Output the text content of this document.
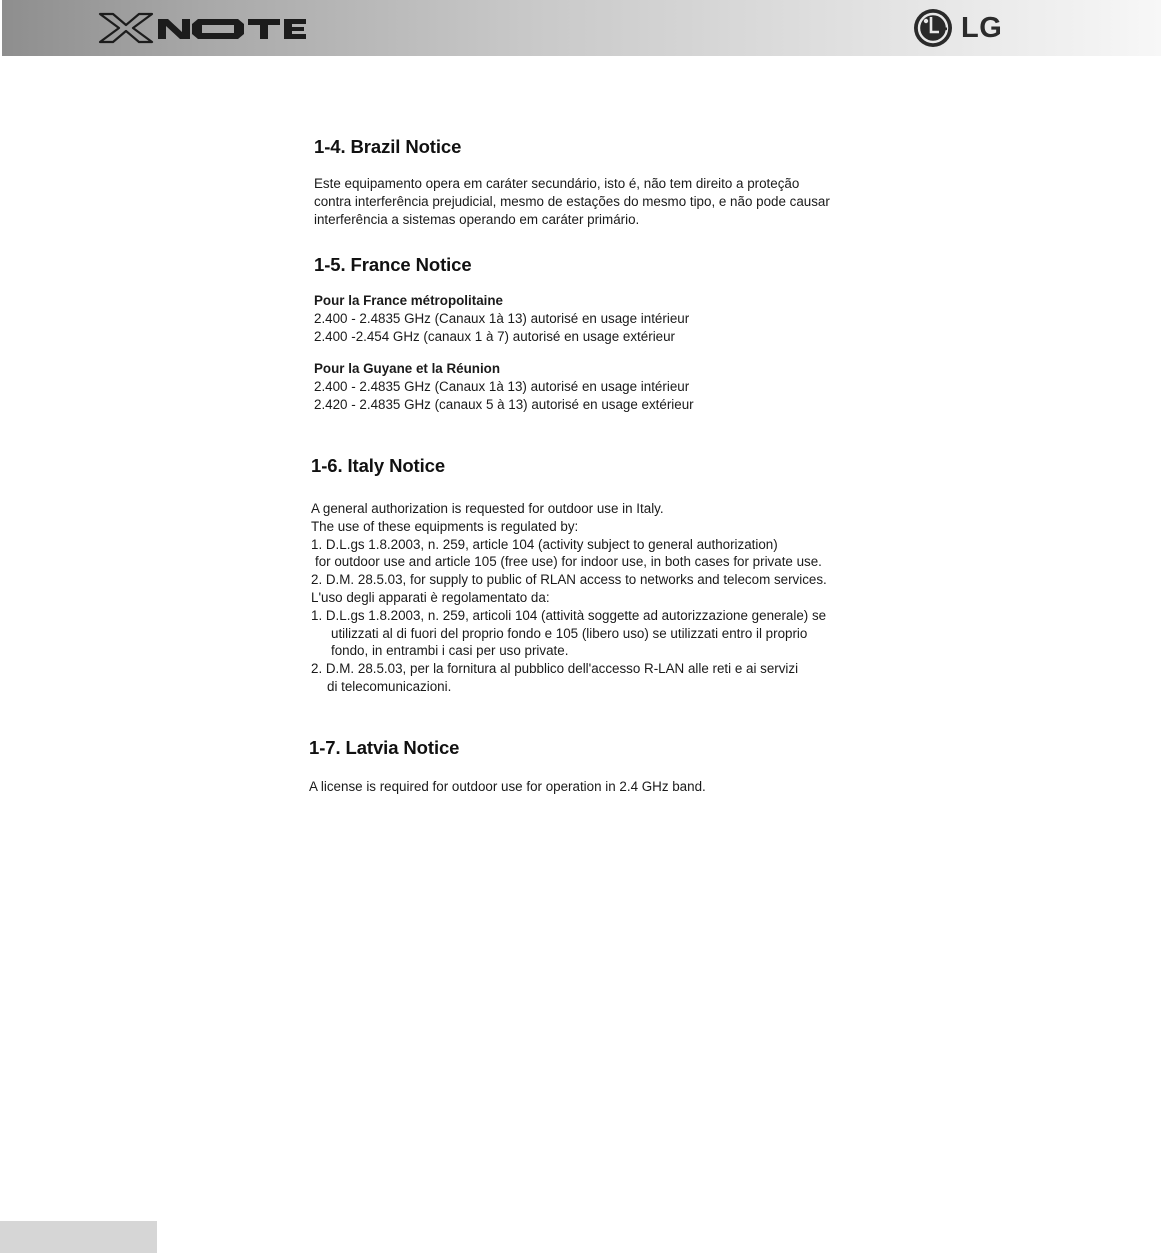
LG
1-4. Brazil Notice
Este equipamento opera em caráter secundário, isto é, não tem direito a proteção
contra interferência prejudicial, mesmo de estações do mesmo tipo, e não pode causar
interferência a sistemas operando em caráter primário.
1-5. France Notice
Pour la France métropolitaine
2.400 - 2.4835 GHz (Canaux 1à 13) autorisé en usage intérieur
2.400 -2.454 GHz (canaux 1 à 7) autorisé en usage extérieur
Pour la Guyane et la Réunion
2.400 - 2.4835 GHz (Canaux 1à 13) autorisé en usage intérieur
2.420 - 2.4835 GHz (canaux 5 à 13) autorisé en usage extérieur
1-6. Italy Notice
A general authorization is requested for outdoor use in Italy.
The use of these equipments is regulated by:
1. D.L.gs 1.8.2003, n. 259, article 104 (activity subject to general authorization)
for outdoor use and article 105 (free use) for indoor use, in both cases for private use.
2. D.M. 28.5.03, for supply to public of RLAN access to networks and telecom services.
L'uso degli apparati è regolamentato da:
1. D.L.gs 1.8.2003, n. 259, articoli 104 (attività soggette ad autorizzazione generale) se
utilizzati al di fuori del proprio fondo e 105 (libero uso) se utilizzati entro il proprio
fondo, in entrambi i casi per uso private.
2. D.M. 28.5.03, per la fornitura al pubblico dell'accesso R-LAN alle reti e ai servizi
di telecomunicazioni.
1-7. Latvia Notice
A license is required for outdoor use for operation in 2.4 GHz band.
